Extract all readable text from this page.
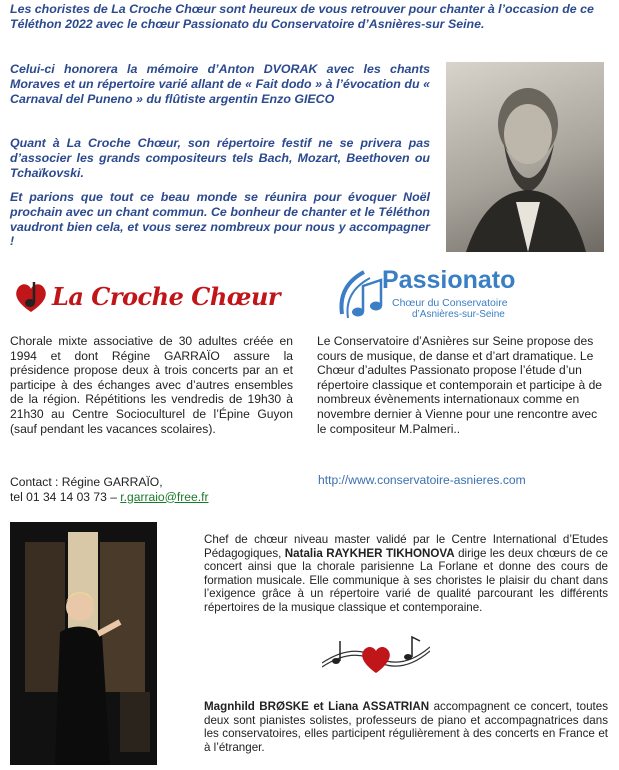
Les choristes de La Croche Chœur sont heureux de vous retrouver pour chanter à l’occasion de ce Téléthon 2022 avec le chœur Passionato du Conservatoire d’Asnières-sur Seine.
Celui-ci honorera la mémoire d’Anton DVORAK avec les chants Moraves et un répertoire varié allant de « Fait dodo » à l’évocation du « Carnaval del Puneno » du flûtiste argentin Enzo GIECO
Quant à La Croche Chœur, son répertoire festif ne se privera pas d’associer les grands compositeurs tels Bach, Mozart, Beethoven ou Tchaïkovski.
Et parions que tout ce beau monde se réunira pour évoquer Noël prochain avec un chant commun. Ce bonheur de chanter et le Téléthon vaudront bien cela, et vous serez nombreux pour nous y accompagner !
La Croche Chœur
Passionato
Chœur du Conservatoire
d’Asnières-sur-Seine
Chorale mixte associative de 30 adultes créée en 1994 et dont Régine GARRAÏO assure la présidence propose deux à trois concerts par an et participe à des échanges avec d’autres ensembles de la région. Répétitions les vendredis de 19h30 à 21h30 au Centre Socioculturel de l’Épine Guyon (sauf pendant les vacances scolaires).
Le Conservatoire d’Asnières sur Seine propose des cours de musique, de danse et d’art dramatique. Le Chœur d’adultes Passionato propose l’étude d’un répertoire classique et contemporain et participe à de nombreux évènements internationaux comme en novembre dernier à Vienne pour une rencontre avec le compositeur M.Palmeri..
Contact : Régine GARRAÏO,
tel 01 34 14 03 73 – r.garraio@free.fr
http://www.conservatoire-asnieres.com
Chef de chœur niveau master validé par le Centre International d’Etudes Pédagogiques, Natalia RAYKHER TIKHONOVA dirige les deux chœurs de ce concert ainsi que la chorale parisienne La Forlane et donne des cours de formation musicale. Elle communique à ses choristes le plaisir du chant dans l’exigence grâce à un répertoire varié de qualité parcourant les différents répertoires de la musique classique et contemporaine.
Magnhild BRØSKE et Liana ASSATRIAN accompagnent ce concert, toutes deux sont pianistes solistes, professeurs de piano et accompagnatrices dans les conservatoires, elles participent régulièrement à des concerts en France et à l’étranger.
